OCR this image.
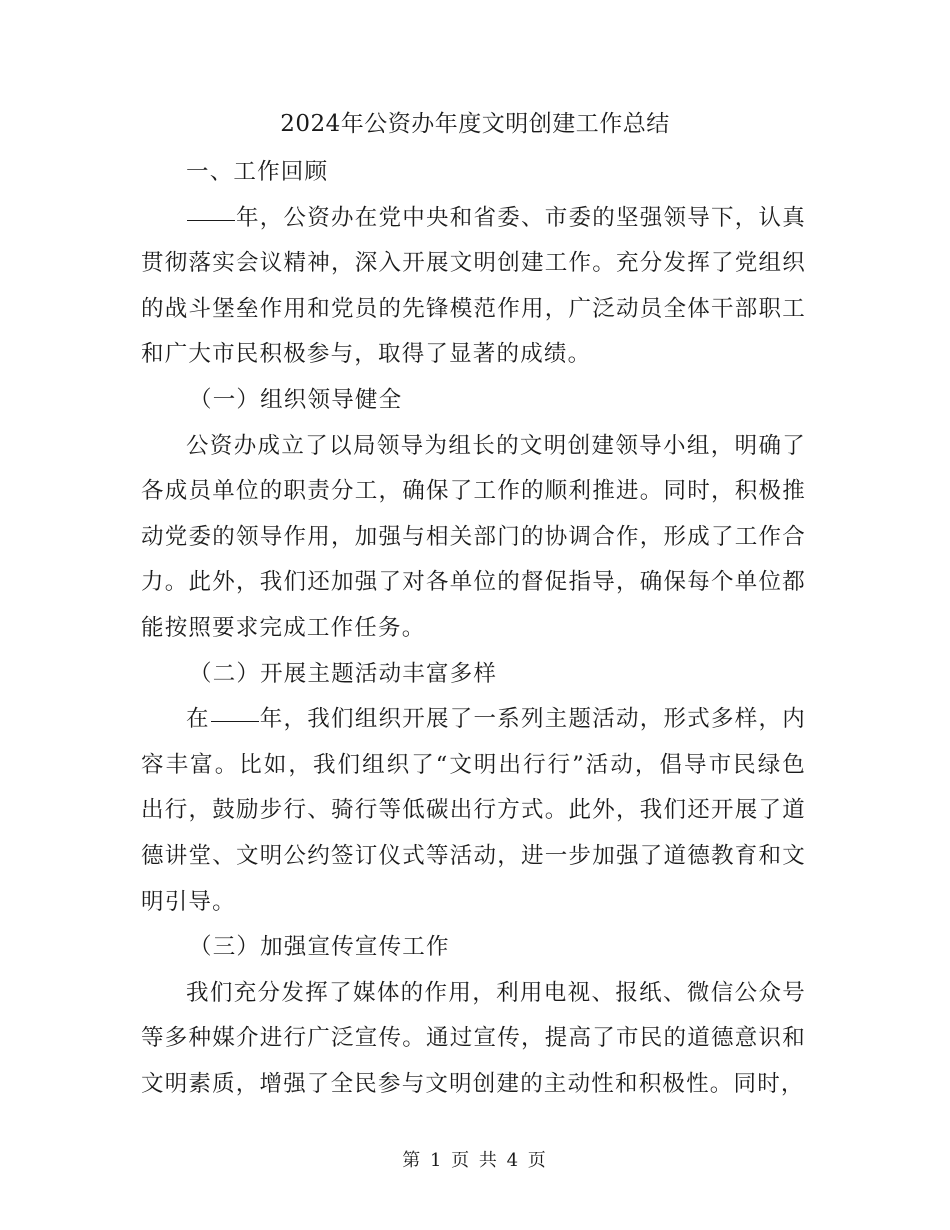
2024年公资办年度文明创建工作总结

一、工作回顾

年，公资办在党中央和省委、市委的坚强领导下，认真贯彻落实会议精神，深入开展文明创建工作。充分发挥了党组织的战斗堡垒作用和党员的先锋模范作用，广泛动员全体干部职工和广大市民积极参与，取得了显著的成绩。

（一）组织领导健全

公资办成立了以局领导为组长的文明创建领导小组，明确了各成员单位的职责分工，确保了工作的顺利推进。同时，积极推动党委的领导作用，加强与相关部门的协调合作，形成了工作合力。此外，我们还加强了对各单位的督促指导，确保每个单位都能按照要求完成工作任务。

（二）开展主题活动丰富多样

在 年，我们组织开展了一系列主题活动，形式多样，内容丰富。比如，我们组织了“文明出行行”活动，倡导市民绿色出行，鼓励步行、骑行等低碳出行方式。此外，我们还开展了道德讲堂、文明公约签订仪式等活动，进一步加强了道德教育和文明引导。

（三）加强宣传宣传工作

我们充分发挥了媒体的作用，利用电视、报纸、微信公众号等多种媒介进行广泛宣传。通过宣传，提高了市民的道德意识和文明素质，增强了全民参与文明创建的主动性和积极性。同时，

第 1 页 共 4 页
